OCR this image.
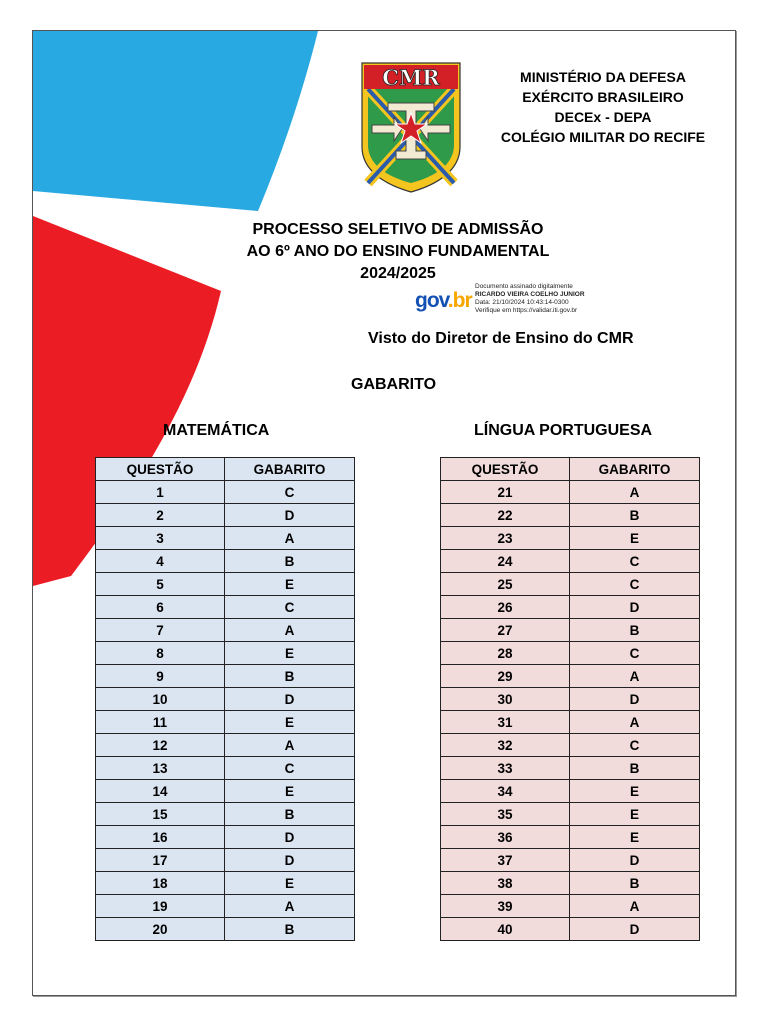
CMR	MINISTÉRIO DA DEFESA
EXÉRCITO BRASILEIRO
DECEx - DEPA
COLÉGIO MILITAR DO RECIFE
PROCESSO SELETIVO DE ADMISSÃO
AO 6º ANO DO ENSINO FUNDAMENTAL
2024/2025
gov.br
Documento assinado digitalmente
RICARDO VIEIRA COELHO JUNIOR
Data: 21/10/2024 10:43:14-0300
Verifique em https://validar.iti.gov.br
Visto do Diretor de Ensino do CMR
GABARITO
MATEMÁTICA	LÍNGUA PORTUGUESA
QUESTÃO	GABARITO
1	C
2	D
3	A
4	B
5	E
6	C
7	A
8	E
9	B
10	D
11	E
12	A
13	C
14	E
15	B
16	D
17	D
18	E
19	A
20	B
QUESTÃO	GABARITO
21	A
22	B
23	E
24	C
25	C
26	D
27	B
28	C
29	A
30	D
31	A
32	C
33	B
34	E
35	E
36	E
37	D
38	B
39	A
40	D
